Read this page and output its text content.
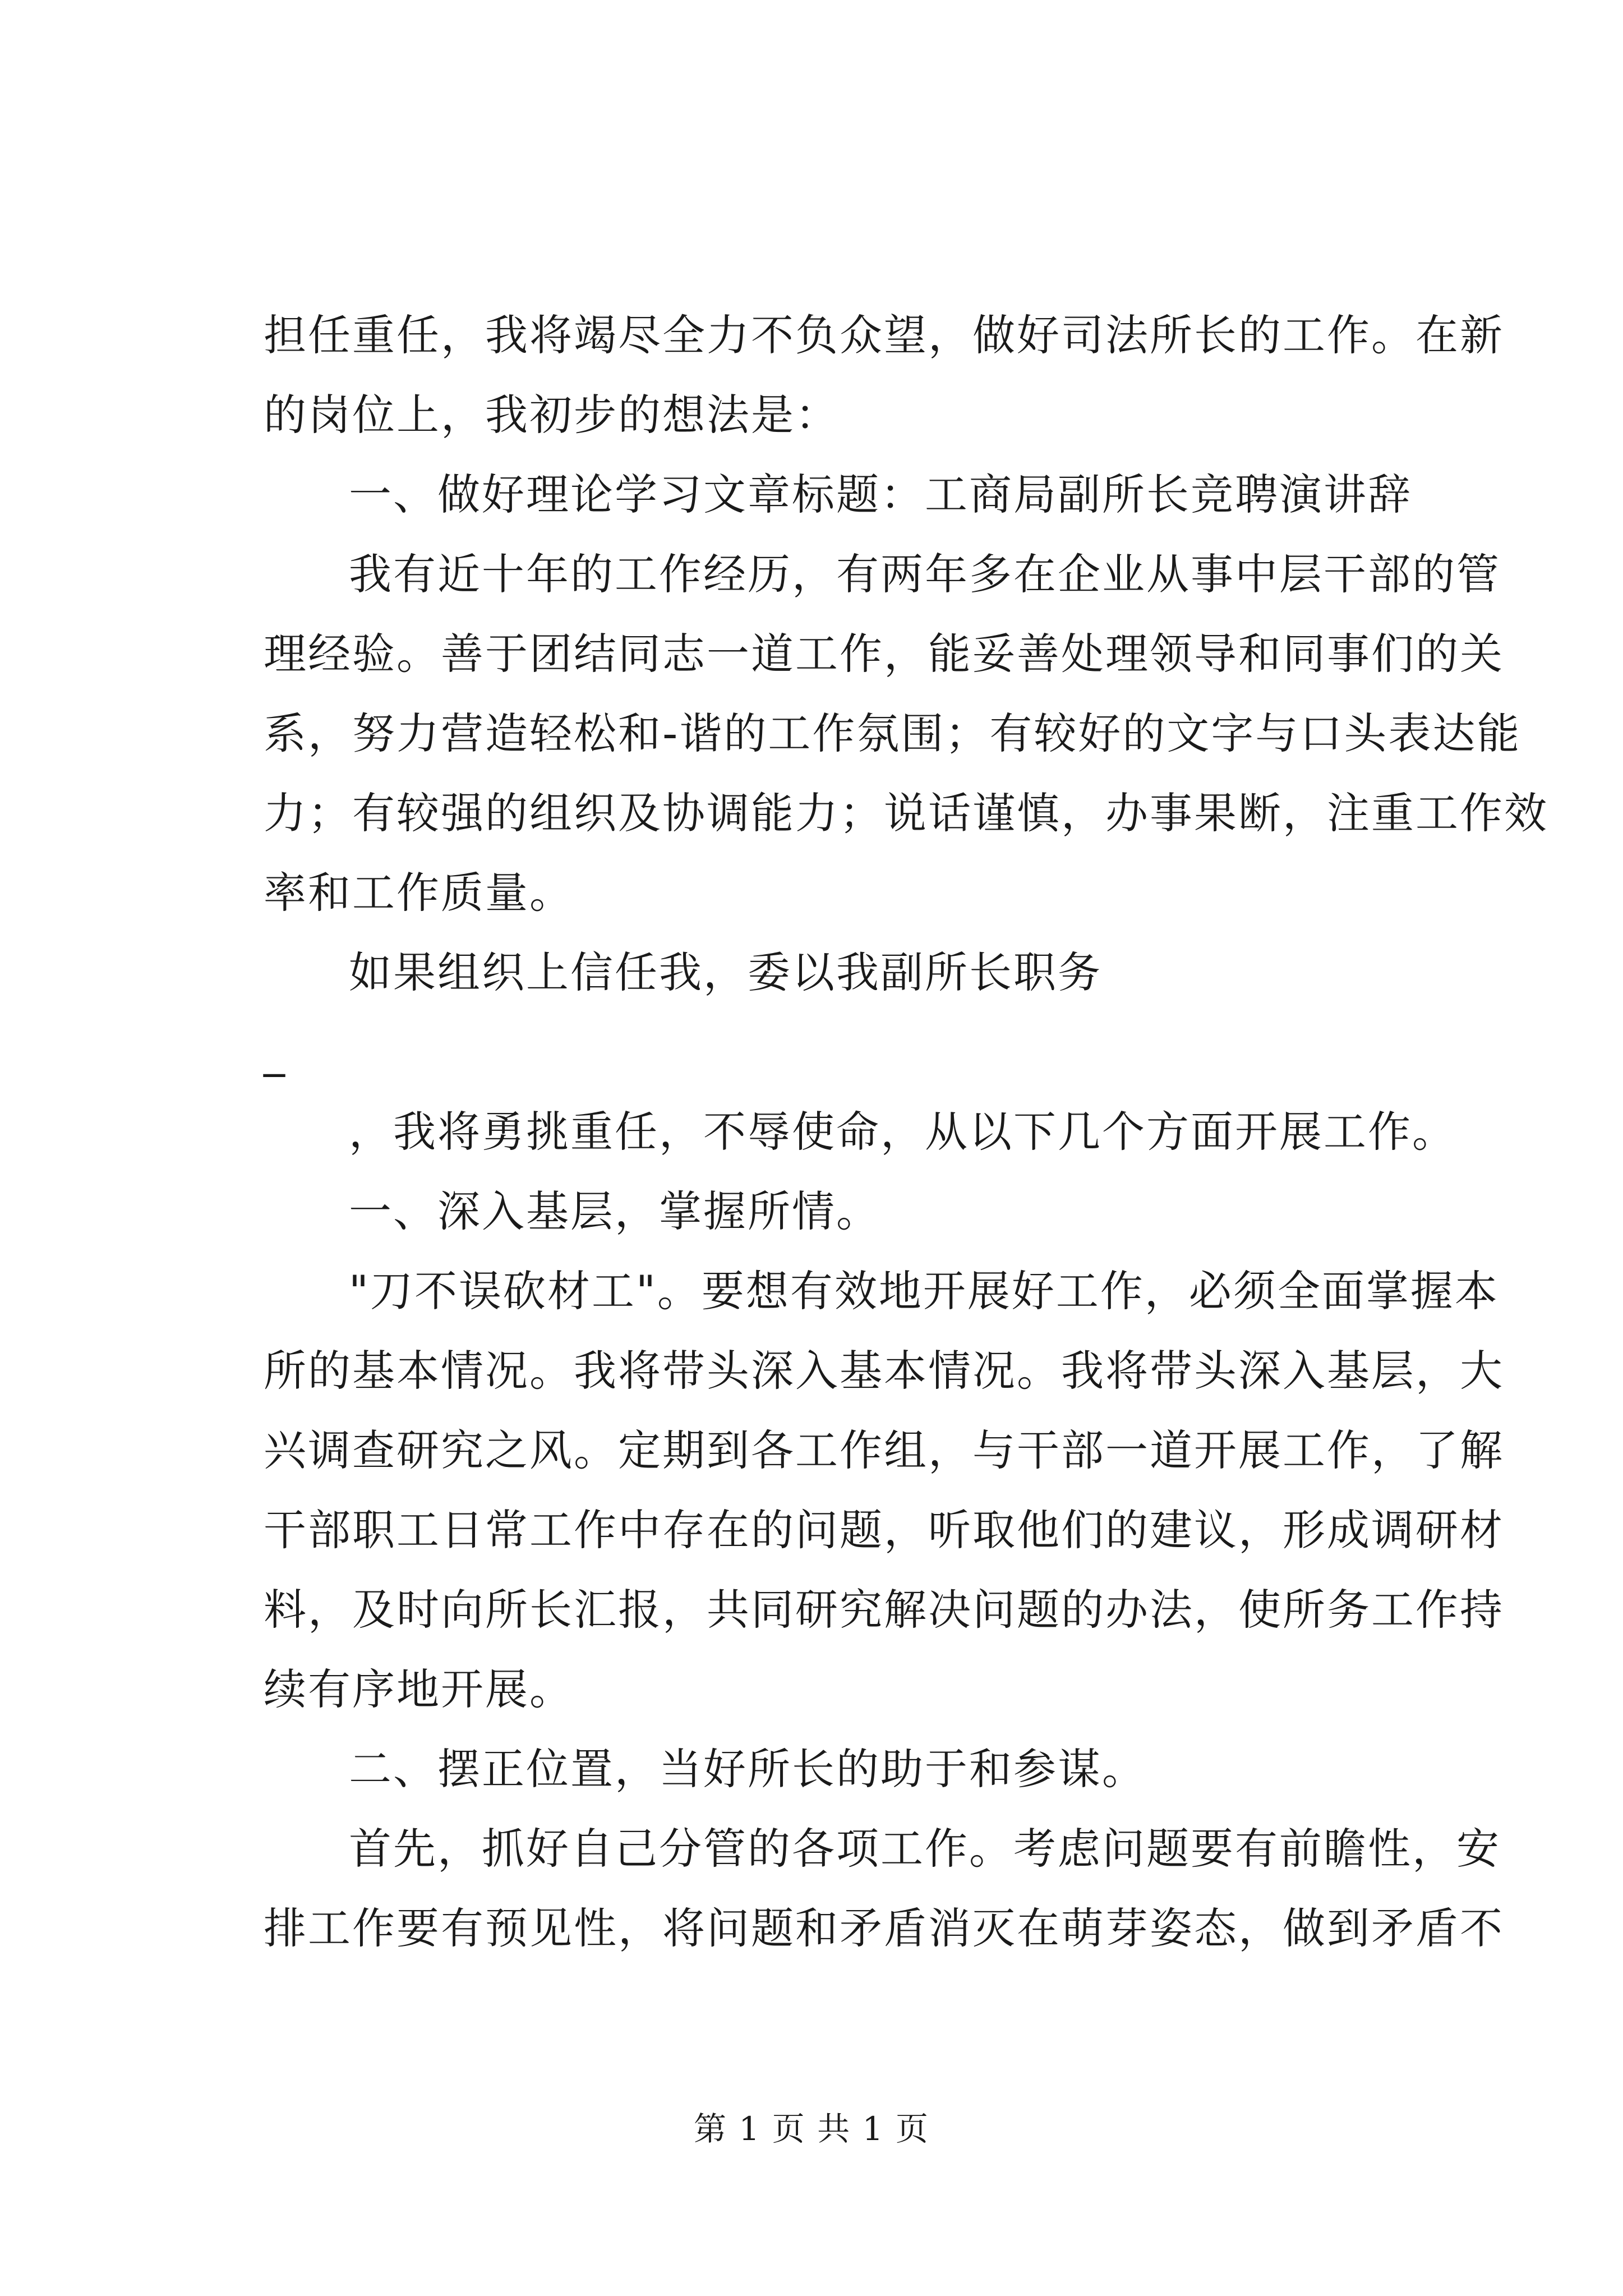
担任重任，我将竭尽全力不负众望，做好司法所长的工作。在新
的岗位上，我初步的想法是：
一、做好理论学习文章标题：工商局副所长竞聘演讲辞
我有近十年的工作经历，有两年多在企业从事中层干部的管
理经验。善于团结同志一道工作，能妥善处理领导和同事们的关
系，努力营造轻松和-谐的工作氛围；有较好的文字与口头表达能
力；有较强的组织及协调能力；说话谨慎，办事果断，注重工作效
率和工作质量。
如果组织上信任我，委以我副所长职务
_
，我将勇挑重任，不辱使命，从以下几个方面开展工作。
一、深入基层，掌握所情。
"刀不误砍材工"。要想有效地开展好工作，必须全面掌握本
所的基本情况。我将带头深入基本情况。我将带头深入基层，大
兴调查研究之风。定期到各工作组，与干部一道开展工作，了解
干部职工日常工作中存在的问题，听取他们的建议，形成调研材
料，及时向所长汇报，共同研究解决问题的办法，使所务工作持
续有序地开展。
二、摆正位置，当好所长的助于和参谋。
首先，抓好自己分管的各项工作。考虑问题要有前瞻性，安
排工作要有预见性，将问题和矛盾消灭在萌芽姿态，做到矛盾不
第 1 页 共 1 页
